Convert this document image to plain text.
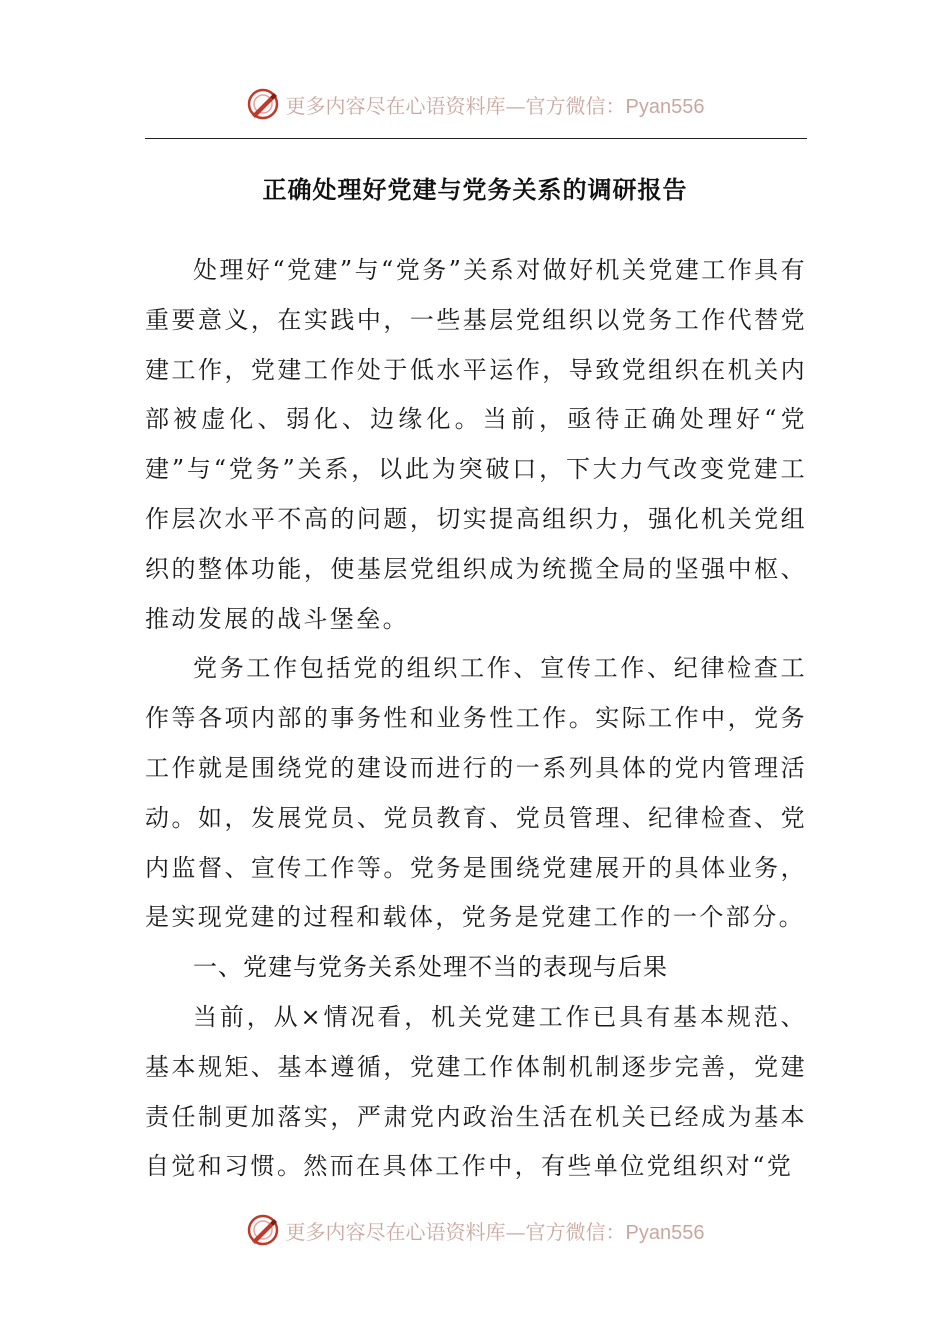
更多内容尽在心语资料库—官方微信：Pyan556
正确处理好党建与党务关系的调研报告

处理好“党建”与“党务”关系对做好机关党建工作具有重要意义，在实践中，一些基层党组织以党务工作代替党建工作，党建工作处于低水平运作，导致党组织在机关内部被虚化、弱化、边缘化。当前，亟待正确处理好“党建”与“党务”关系，以此为突破口，下大力气改变党建工作层次水平不高的问题，切实提高组织力，强化机关党组织的整体功能，使基层党组织成为统揽全局的坚强中枢、推动发展的战斗堡垒。

党务工作包括党的组织工作、宣传工作、纪律检查工作等各项内部的事务性和业务性工作。实际工作中，党务工作就是围绕党的建设而进行的一系列具体的党内管理活动。如，发展党员、党员教育、党员管理、纪律检查、党内监督、宣传工作等。党务是围绕党建展开的具体业务，是实现党建的过程和载体，党务是党建工作的一个部分。

一、党建与党务关系处理不当的表现与后果

当前，从×情况看，机关党建工作已具有基本规范、基本规矩、基本遵循，党建工作体制机制逐步完善，党建责任制更加落实，严肃党内政治生活在机关已经成为基本自觉和习惯。然而在具体工作中，有些单位党组织对“党

更多内容尽在心语资料库—官方微信：Pyan556
